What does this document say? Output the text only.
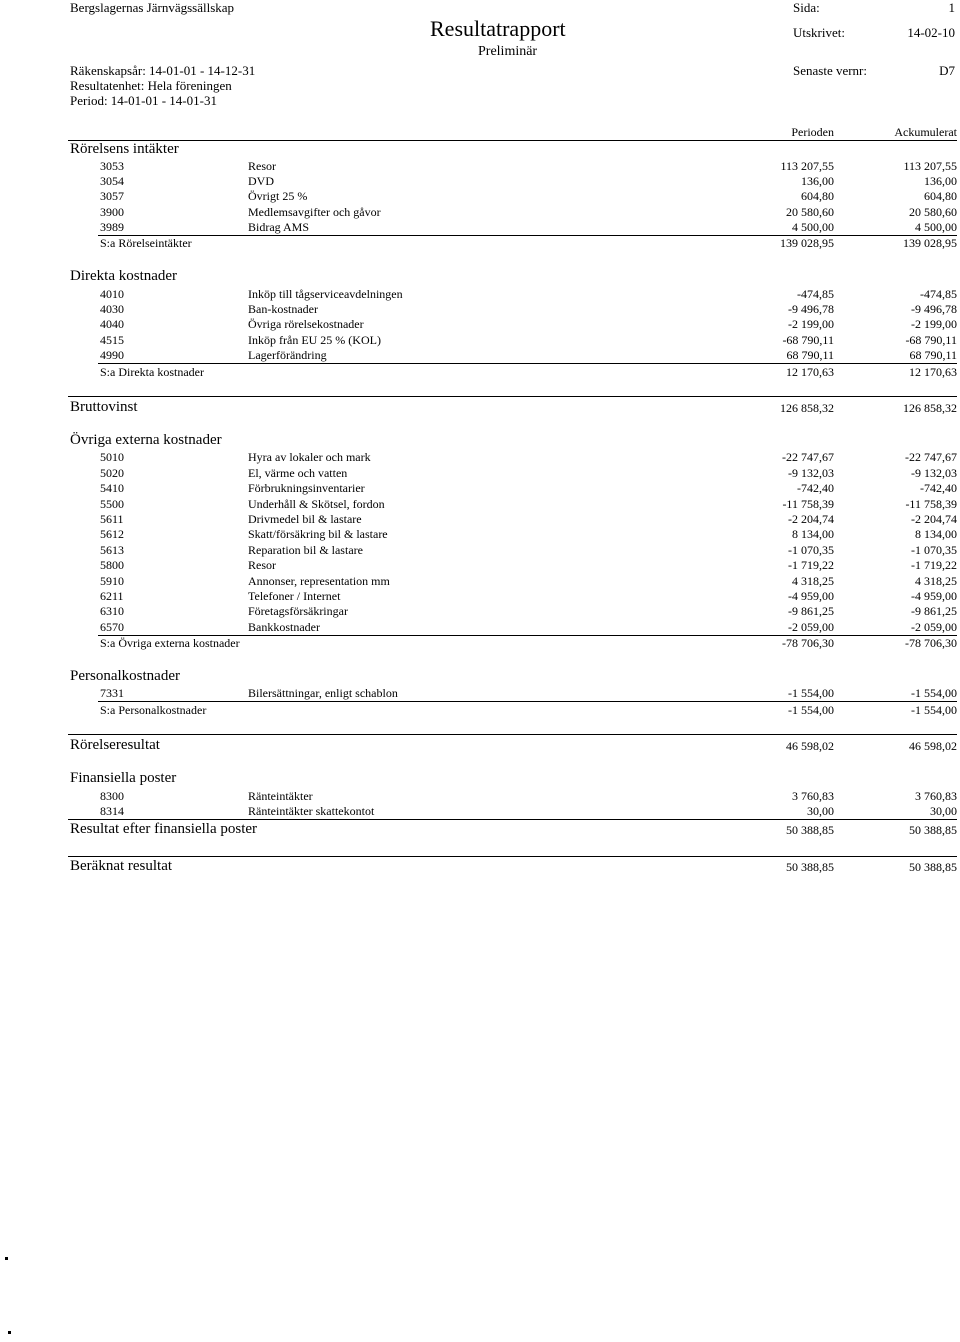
Bergslagernas Järnvägssällskap
Resultatrapport
Preliminär
Sida:	1
Utskrivet:	14-02-10
Senaste vernr:	D7
Räkenskapsår: 14-01-01 - 14-12-31
Resultatenhet: Hela föreningen
Period: 14-01-01 - 14-01-31
Perioden	Ackumulerat
Rörelsens intäkter
3053	Resor	113 207,55	113 207,55
3054	DVD	136,00	136,00
3057	Övrigt 25 %	604,80	604,80
3900	Medlemsavgifter och gåvor	20 580,60	20 580,60
3989	Bidrag AMS	4 500,00	4 500,00
S:a Rörelseintäkter	139 028,95	139 028,95
Direkta kostnader
4010	Inköp till tågserviceavdelningen	-474,85	-474,85
4030	Ban-kostnader	-9 496,78	-9 496,78
4040	Övriga rörelsekostnader	-2 199,00	-2 199,00
4515	Inköp från EU 25 % (KOL)	-68 790,11	-68 790,11
4990	Lagerförändring	68 790,11	68 790,11
S:a Direkta kostnader	12 170,63	12 170,63
Bruttovinst	126 858,32	126 858,32
Övriga externa kostnader
5010	Hyra av lokaler och mark	-22 747,67	-22 747,67
5020	El, värme och vatten	-9 132,03	-9 132,03
5410	Förbrukningsinventarier	-742,40	-742,40
5500	Underhåll & Skötsel, fordon	-11 758,39	-11 758,39
5611	Drivmedel bil & lastare	-2 204,74	-2 204,74
5612	Skatt/försäkring bil & lastare	8 134,00	8 134,00
5613	Reparation bil & lastare	-1 070,35	-1 070,35
5800	Resor	-1 719,22	-1 719,22
5910	Annonser, representation mm	4 318,25	4 318,25
6211	Telefoner / Internet	-4 959,00	-4 959,00
6310	Företagsförsäkringar	-9 861,25	-9 861,25
6570	Bankkostnader	-2 059,00	-2 059,00
S:a Övriga externa kostnader	-78 706,30	-78 706,30
Personalkostnader
7331	Bilersättningar, enligt schablon	-1 554,00	-1 554,00
S:a Personalkostnader	-1 554,00	-1 554,00
Rörelseresultat	46 598,02	46 598,02
Finansiella poster
8300	Ränteintäkter	3 760,83	3 760,83
8314	Ränteintäkter skattekontot	30,00	30,00
Resultat efter finansiella poster	50 388,85	50 388,85
Beräknat resultat	50 388,85	50 388,85
